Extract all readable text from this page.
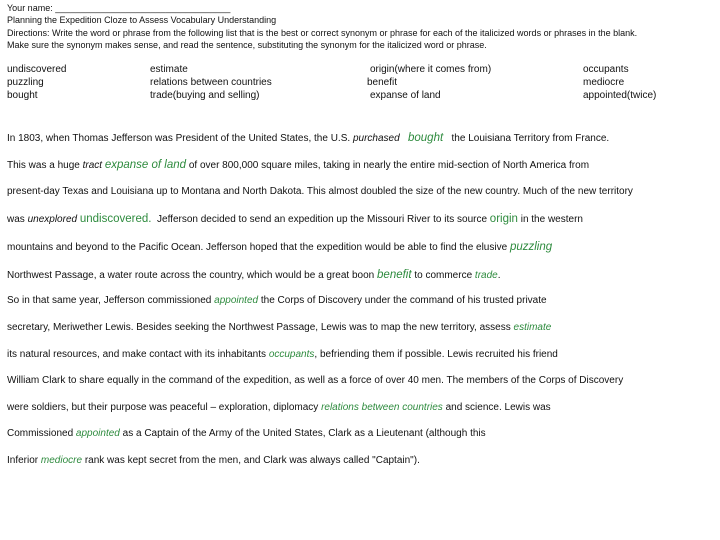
Your name: ___________________________________
Planning the Expedition Cloze to Assess Vocabulary Understanding
Directions: Write the word or phrase from the following list that is the best or correct synonym or phrase for each of the italicized words or phrases in the blank.
Make sure the synonym makes sense, and read the sentence, substituting the synonym for the italicized word or phrase.
undiscovered
puzzling
bought
estimate
relations between countries
trade(buying and selling)
origin(where it comes from)
benefit
expanse of land
occupants
mediocre
appointed(twice)
In 1803, when Thomas Jefferson was President of the United States, the U.S. purchased bought the Louisiana Territory from France.
This was a huge tract expanse of land of over 800,000 square miles, taking in nearly the entire mid-section of North America from
present-day Texas and Louisiana up to Montana and North Dakota. This almost doubled the size of the new country. Much of the new territory
was unexplored undiscovered. Jefferson decided to send an expedition up the Missouri River to its source origin in the western
mountains and beyond to the Pacific Ocean. Jefferson hoped that the expedition would be able to find the elusive puzzling
Northwest Passage, a water route across the country, which would be a great boon benefit to commerce trade.
So in that same year, Jefferson commissioned appointed the Corps of Discovery under the command of his trusted private
secretary, Meriwether Lewis. Besides seeking the Northwest Passage, Lewis was to map the new territory, assess estimate
its natural resources, and make contact with its inhabitants occupants, befriending them if possible. Lewis recruited his friend
William Clark to share equally in the command of the expedition, as well as a force of over 40 men. The members of the Corps of Discovery
were soldiers, but their purpose was peaceful – exploration, diplomacy relations between countries and science. Lewis was
Commissioned appointed as a Captain of the Army of the United States, Clark as a Lieutenant (although this
Inferior mediocre rank was kept secret from the men, and Clark was always called "Captain").
